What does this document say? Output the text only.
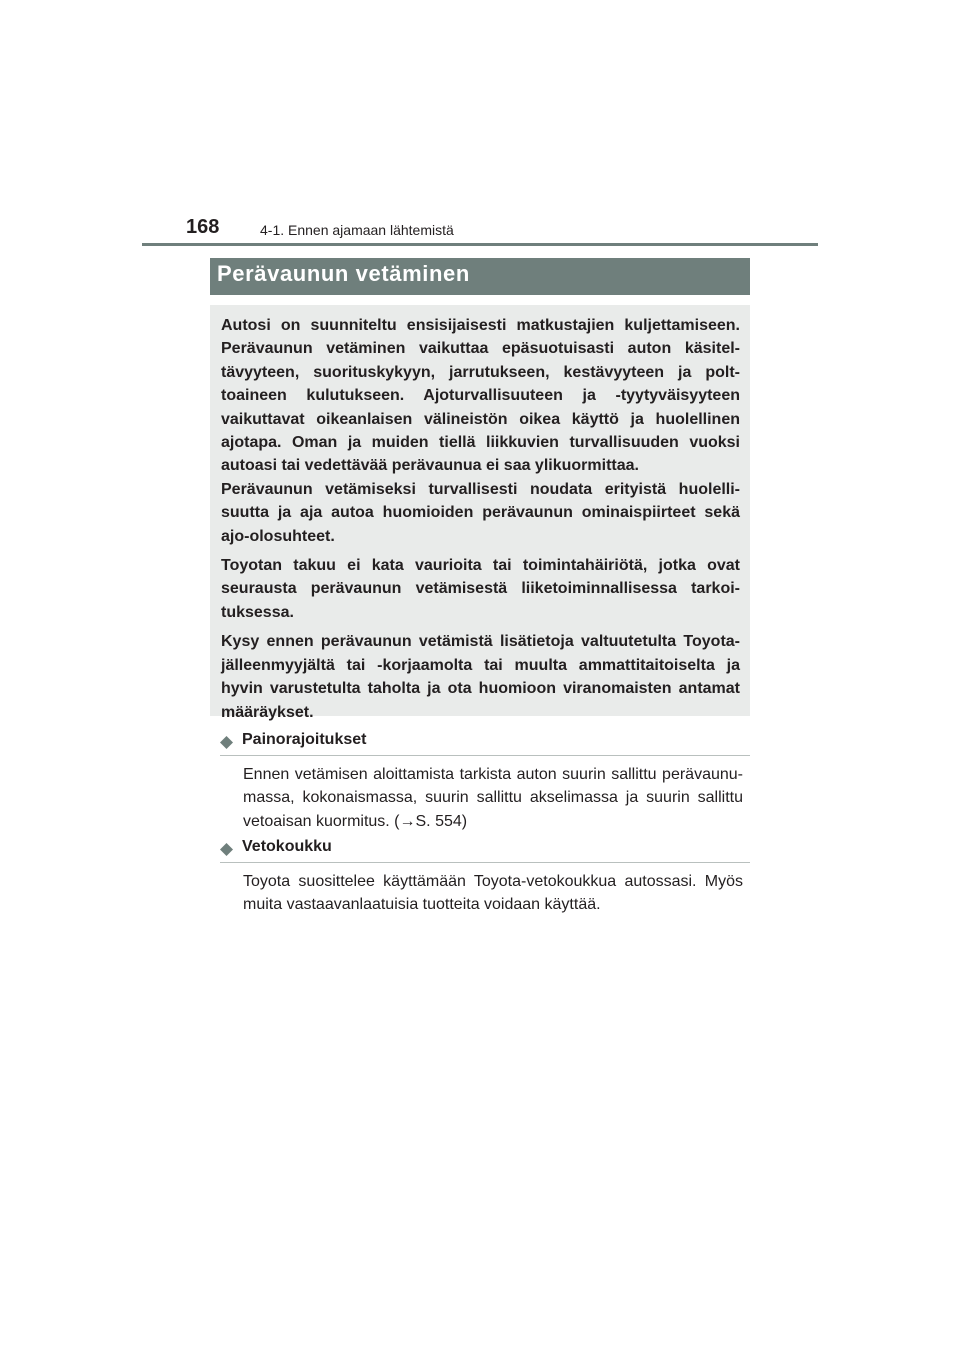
168	4-1. Ennen ajamaan lähtemistä
Perävaunun vetäminen

Autosi on suunniteltu ensisijaisesti matkustajien kuljettamiseen. Perävaunun vetäminen vaikuttaa epäsuotuisasti auton käsitel-tävyyteen, suorituskykyyn, jarrutukseen, kestävyyteen ja polt-toaineen kulutukseen. Ajoturvallisuuteen ja -tyytyväisyyteen vaikuttavat oikeanlaisen välineistön oikea käyttö ja huolellinen ajotapa. Oman ja muiden tiellä liikkuvien turvallisuuden vuoksi autoasi tai vedettävää perävaunua ei saa ylikuormittaa.

Perävaunun vetämiseksi turvallisesti noudata erityistä huolelli-suutta ja aja autoa huomioiden perävaunun ominaispiirteet sekä ajo-olosuhteet.

Toyotan takuu ei kata vaurioita tai toimintahäiriötä, jotka ovat seurausta perävaunun vetämisestä liiketoiminnallisessa tarkoi-tuksessa.

Kysy ennen perävaunun vetämistä lisätietoja valtuutetulta Toyota-jälleenmyyjältä tai -korjaamolta tai muulta ammattitaitoiselta ja hyvin varustetulta taholta ja ota huomioon viranomaisten antamat määräykset.

Painorajoitukset

Ennen vetämisen aloittamista tarkista auton suurin sallittu perävaunu-massa, kokonaismassa, suurin sallittu akselimassa ja suurin sallittu vetoaisan kuormitus. (→S. 554)

Vetokoukku

Toyota suosittelee käyttämään Toyota-vetokoukkua autossasi. Myös muita vastaavanlaatuisia tuotteita voidaan käyttää.
